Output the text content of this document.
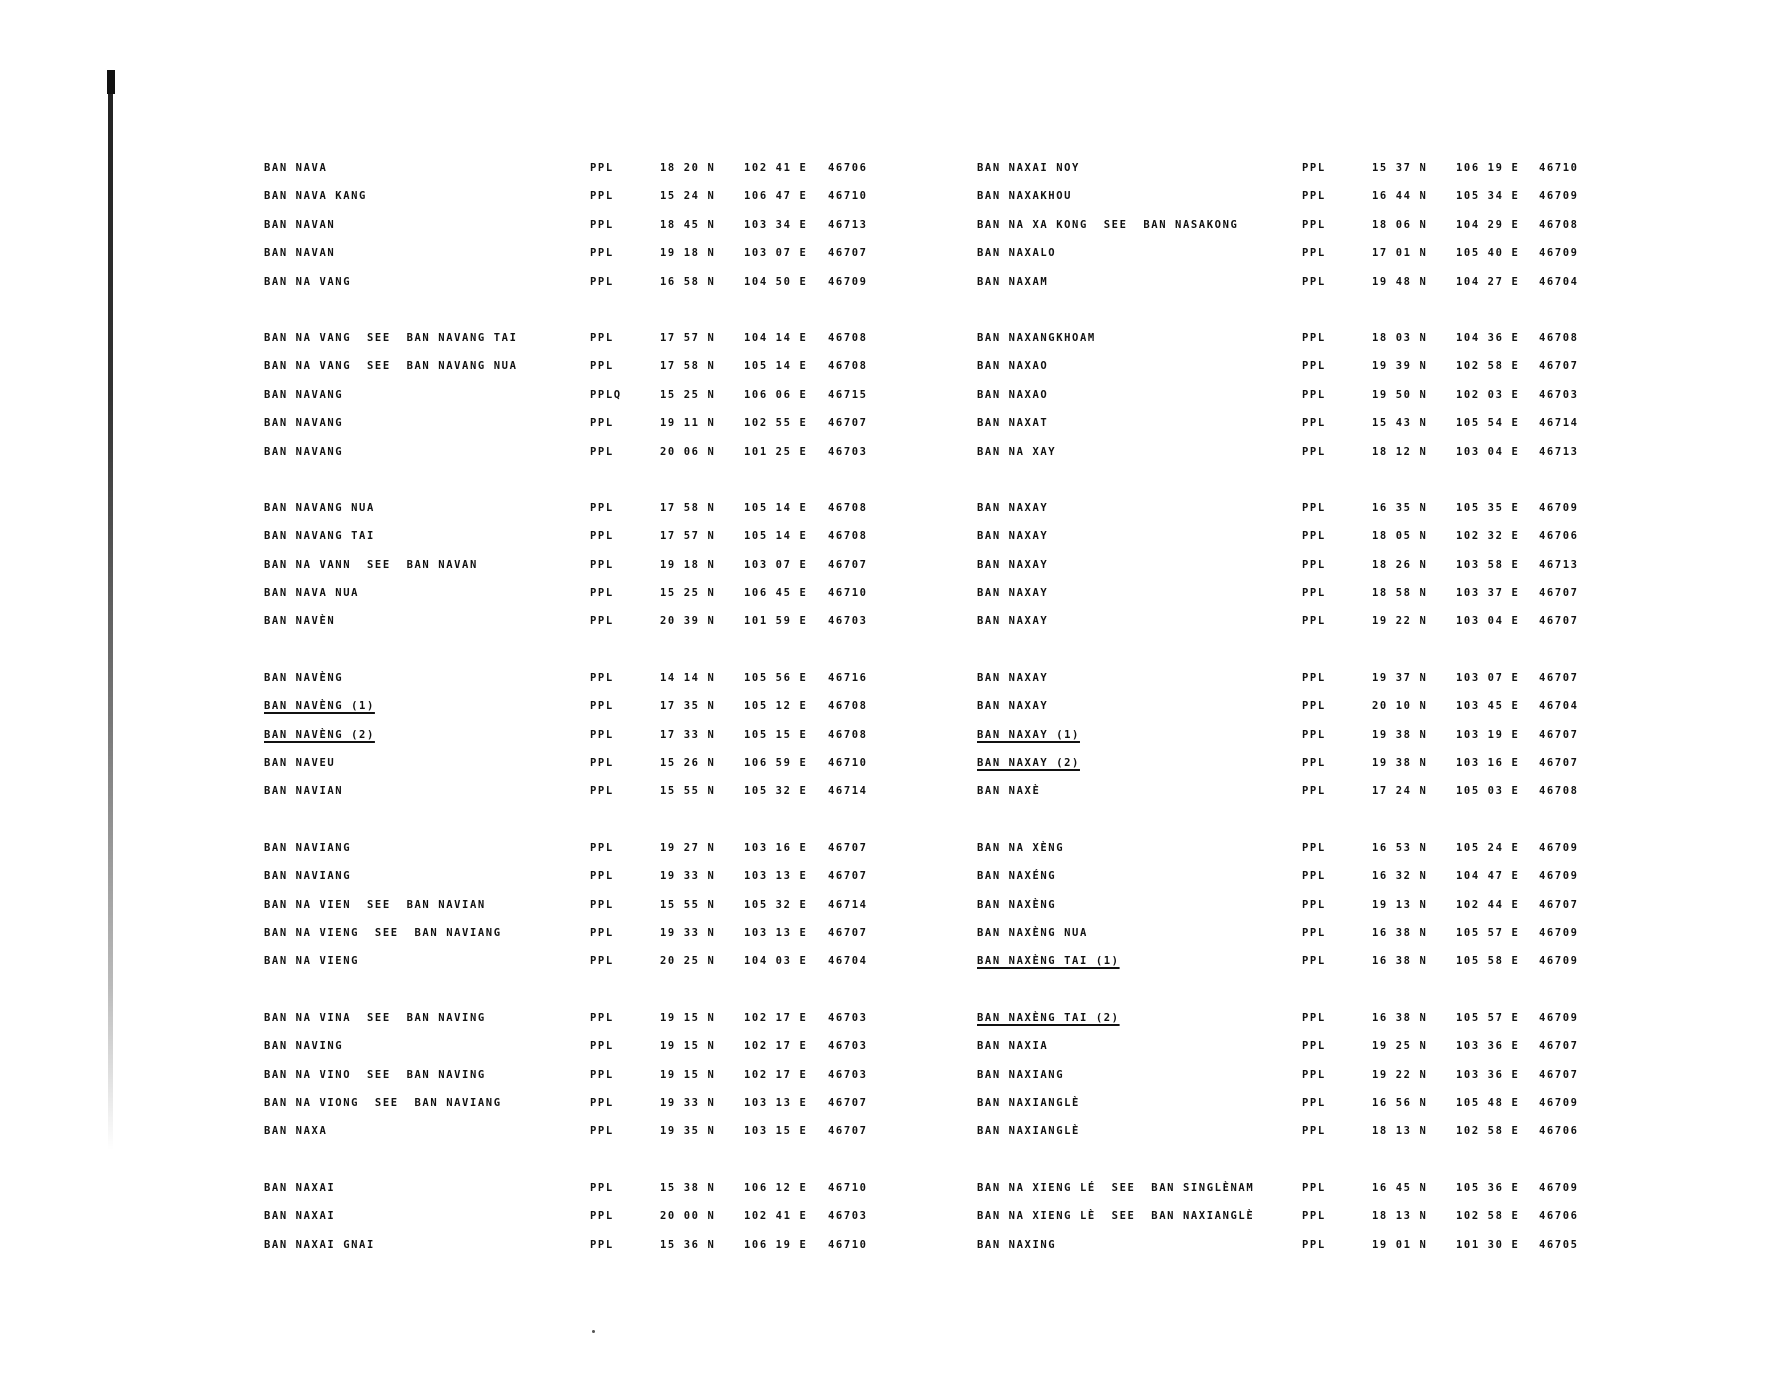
BAN NAVA	PPL	18 20 N	102 41 E 46706
BAN NAVA KANG	PPL	15 24 N	106 47 E 46710
BAN NAVAN	PPL	18 45 N	103 34 E 46713
BAN NAVAN	PPL	19 18 N	103 07 E 46707
BAN NA VANG	PPL	16 58 N	104 50 E 46709
BAN NA VANG  SEE  BAN NAVANG TAI	PPL	17 57 N	104 14 E 46708
BAN NA VANG  SEE  BAN NAVANG NUA	PPL	17 58 N	105 14 E 46708
BAN NAVANG	PPLQ	15 25 N	106 06 E 46715
BAN NAVANG	PPL	19 11 N	102 55 E 46707
BAN NAVANG	PPL	20 06 N	101 25 E 46703
BAN NAVANG NUA	PPL	17 58 N	105 14 E 46708
BAN NAVANG TAI	PPL	17 57 N	105 14 E 46708
BAN NA VANN  SEE  BAN NAVAN	PPL	19 18 N	103 07 E 46707
BAN NAVA NUA	PPL	15 25 N	106 45 E 46710
BAN NAVÈN	PPL	20 39 N	101 59 E 46703
BAN NAVÈNG	PPL	14 14 N	105 56 E 46716
BAN NAVÈNG (1)	PPL	17 35 N	105 12 E 46708
BAN NAVÈNG (2)	PPL	17 33 N	105 15 E 46708
BAN NAVEU	PPL	15 26 N	106 59 E 46710
BAN NAVIAN	PPL	15 55 N	105 32 E 46714
BAN NAVIANG	PPL	19 27 N	103 16 E 46707
BAN NAVIANG	PPL	19 33 N	103 13 E 46707
BAN NA VIEN  SEE  BAN NAVIAN	PPL	15 55 N	105 32 E 46714
BAN NA VIENG  SEE  BAN NAVIANG	PPL	19 33 N	103 13 E 46707
BAN NA VIENG	PPL	20 25 N	104 03 E 46704
BAN NA VINA  SEE  BAN NAVING	PPL	19 15 N	102 17 E 46703
BAN NAVING	PPL	19 15 N	102 17 E 46703
BAN NA VINO  SEE  BAN NAVING	PPL	19 15 N	102 17 E 46703
BAN NA VIONG  SEE  BAN NAVIANG	PPL	19 33 N	103 13 E 46707
BAN NAXA	PPL	19 35 N	103 15 E 46707
BAN NAXAI	PPL	15 38 N	106 12 E 46710
BAN NAXAI	PPL	20 00 N	102 41 E 46703
BAN NAXAI GNAI	PPL	15 36 N	106 19 E 46710
BAN NAXAI NOY	PPL	15 37 N	106 19 E 46710
BAN NAXAKHOU	PPL	16 44 N	105 34 E 46709
BAN NA XA KONG  SEE  BAN NASAKONG	PPL	18 06 N	104 29 E 46708
BAN NAXALO	PPL	17 01 N	105 40 E 46709
BAN NAXAM	PPL	19 48 N	104 27 E 46704
BAN NAXANGKHOAM	PPL	18 03 N	104 36 E 46708
BAN NAXAO	PPL	19 39 N	102 58 E 46707
BAN NAXAO	PPL	19 50 N	102 03 E 46703
BAN NAXAT	PPL	15 43 N	105 54 E 46714
BAN NA XAY	PPL	18 12 N	103 04 E 46713
BAN NAXAY	PPL	16 35 N	105 35 E 46709
BAN NAXAY	PPL	18 05 N	102 32 E 46706
BAN NAXAY	PPL	18 26 N	103 58 E 46713
BAN NAXAY	PPL	18 58 N	103 37 E 46707
BAN NAXAY	PPL	19 22 N	103 04 E 46707
BAN NAXAY	PPL	19 37 N	103 07 E 46707
BAN NAXAY	PPL	20 10 N	103 45 E 46704
BAN NAXAY (1)	PPL	19 38 N	103 19 E 46707
BAN NAXAY (2)	PPL	19 38 N	103 16 E 46707
BAN NAXÈ	PPL	17 24 N	105 03 E 46708
BAN NA XÈNG	PPL	16 53 N	105 24 E 46709
BAN NAXÉNG	PPL	16 32 N	104 47 E 46709
BAN NAXÈNG	PPL	19 13 N	102 44 E 46707
BAN NAXÈNG NUA	PPL	16 38 N	105 57 E 46709
BAN NAXÈNG TAI (1)	PPL	16 38 N	105 58 E 46709
BAN NAXÈNG TAI (2)	PPL	16 38 N	105 57 E 46709
BAN NAXIA	PPL	19 25 N	103 36 E 46707
BAN NAXIANG	PPL	19 22 N	103 36 E 46707
BAN NAXIANGLÈ	PPL	16 56 N	105 48 E 46709
BAN NAXIANGLÈ	PPL	18 13 N	102 58 E 46706
BAN NA XIENG LÉ  SEE  BAN SINGLÈNAM	PPL	16 45 N	105 36 E 46709
BAN NA XIENG LÈ  SEE  BAN NAXIANGLÈ	PPL	18 13 N	102 58 E 46706
BAN NAXING	PPL	19 01 N	101 30 E 46705
